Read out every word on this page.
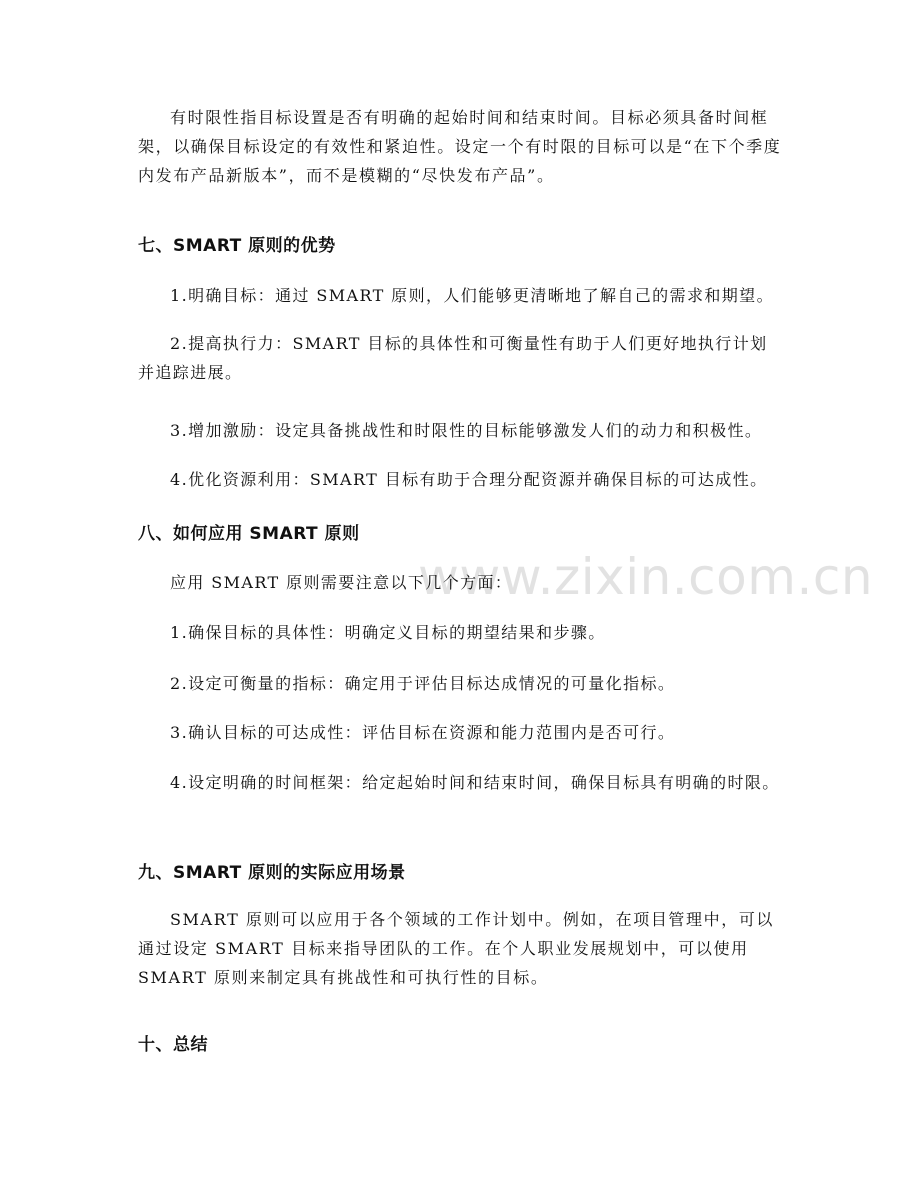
www.zixin.com.cn

有时限性指目标设置是否有明确的起始时间和结束时间。目标必须具备时间框架，以确保目标设定的有效性和紧迫性。设定一个有时限的目标可以是“在下个季度内发布产品新版本”，而不是模糊的“尽快发布产品”。

七、SMART 原则的优势

1.明确目标：通过 SMART 原则，人们能够更清晰地了解自己的需求和期望。

2.提高执行力：SMART 目标的具体性和可衡量性有助于人们更好地执行计划并追踪进展。

3.增加激励：设定具备挑战性和时限性的目标能够激发人们的动力和积极性。

4.优化资源利用：SMART 目标有助于合理分配资源并确保目标的可达成性。

八、如何应用 SMART 原则

应用 SMART 原则需要注意以下几个方面：

1.确保目标的具体性：明确定义目标的期望结果和步骤。

2.设定可衡量的指标：确定用于评估目标达成情况的可量化指标。

3.确认目标的可达成性：评估目标在资源和能力范围内是否可行。

4.设定明确的时间框架：给定起始时间和结束时间，确保目标具有明确的时限。

九、SMART 原则的实际应用场景

SMART 原则可以应用于各个领域的工作计划中。例如，在项目管理中，可以通过设定 SMART 目标来指导团队的工作。在个人职业发展规划中，可以使用 SMART 原则来制定具有挑战性和可执行性的目标。

十、总结
